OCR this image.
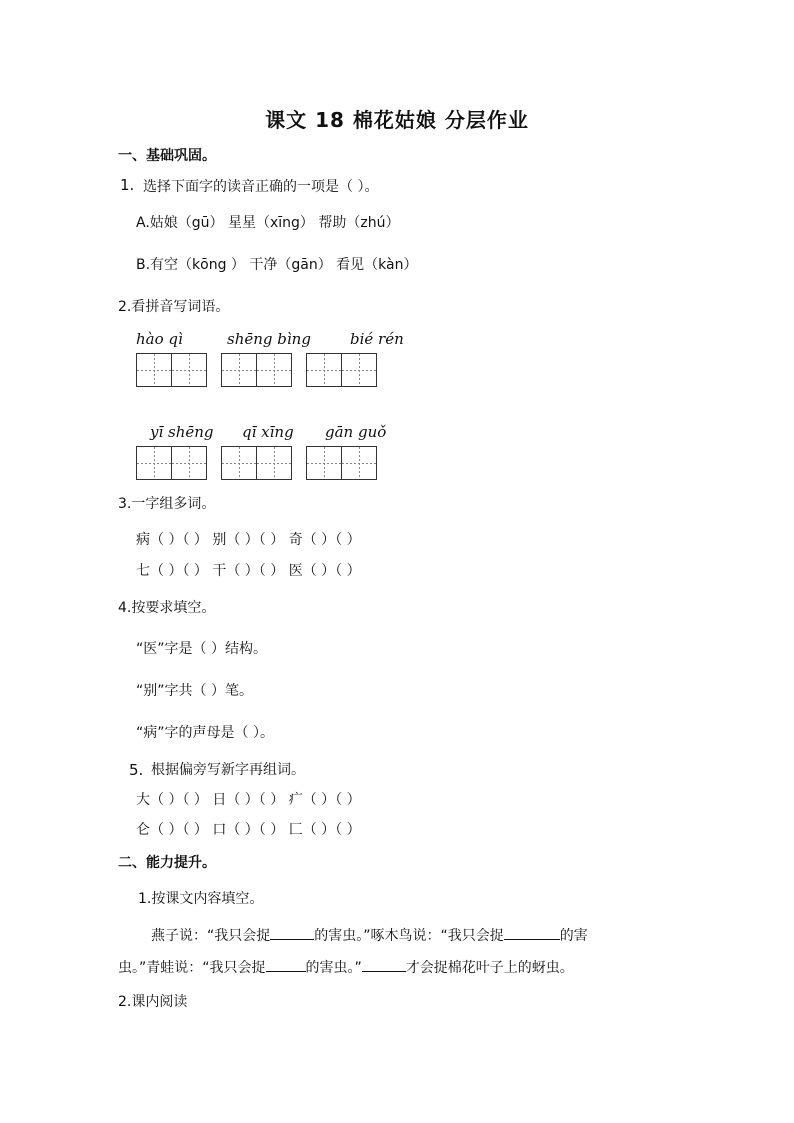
课文 18 棉花姑娘 分层作业
一、基础巩固。
1. 选择下面字的读音正确的一项是（ ）。
A.姑娘（gū） 星星（xīng） 帮助（zhú）
B.有空（kōng ） 干净（gān） 看见（kàn）
2.看拼音写词语。
hào qì	shēng bìng	bié rén
yī shēng qī xīng gān guǒ
3.一字组多词。
病（ ）（ ） 别（ ）（ ） 奇（ ）（ ）
七（ ）（ ） 干（ ）（ ） 医（ ）（ ）
4.按要求填空。
“医”字是（ ）结构。
“别”字共（ ）笔。
“病”字的声母是（ ）。
5. 根据偏旁写新字再组词。
大（ ）（ ） 日（ ）（ ） 疒（ ）（ ）
仑（ ）（ ） 口（ ）（ ） 匚（ ）（ ）
二、能力提升。
1.按课文内容填空。
燕子说：“我只会捉	的害虫。”啄木鸟说：“我只会捉	的害
虫。”青蛙说：“我只会捉	的害虫。”	才会捉棉花叶子上的蚜虫。
2.课内阅读
